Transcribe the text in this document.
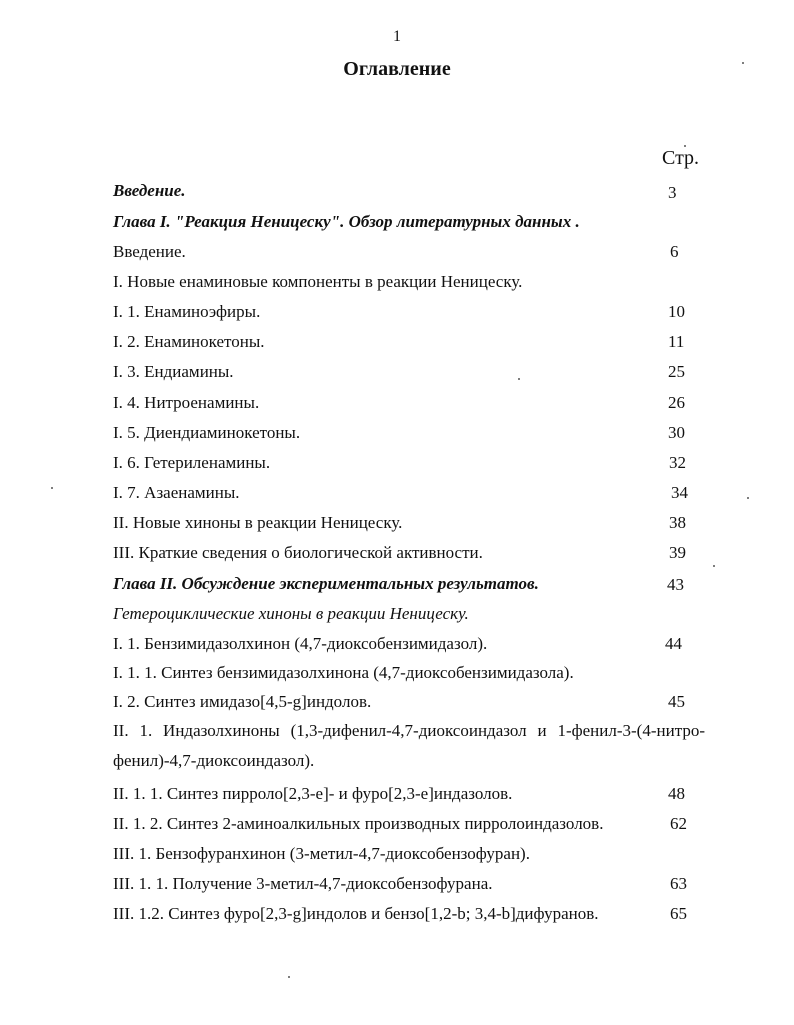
1
Оглавление
Стр.
Введение.	3
Глава I. "Реакция Неницеску". Обзор литературных данных .
Введение.	6
I. Новые енаминовые компоненты в реакции Неницеску.
I. 1. Енаминоэфиры.	10
I. 2. Енаминокетоны.	11
I. 3. Ендиамины.	25
I. 4. Нитроенамины.	26
I. 5. Диендиаминокетоны.	30
I. 6. Гетериленамины.	32
I. 7. Азаенамины.	34
II. Новые хиноны в реакции Неницеску.	38
III. Краткие сведения о биологической активности.	39
Глава II. Обсуждение экспериментальных результатов.	43
Гетероциклические хиноны в реакции Неницеску.
I. 1. Бензимидазолхинон (4,7-диоксобензимидазол).	44
I. 1. 1. Синтез бензимидазолхинона (4,7-диоксобензимидазола).
I. 2. Синтез имидазо[4,5-g]индолов.	45
II. 1. Индазолхиноны (1,3-дифенил-4,7-диоксоиндазол и 1-фенил-3-(4-нитро-фенил)-4,7-диоксоиндазол).
II. 1. 1. Синтез пирроло[2,3-е]- и фуро[2,3-е]индазолов.	48
II. 1. 2. Синтез 2-аминоалкильных производных пирролоиндазолов.	62
III. 1. Бензофуранхинон (3-метил-4,7-диоксобензофуран).
III. 1. 1. Получение 3-метил-4,7-диоксобензофурана.	63
III. 1.2. Синтез фуро[2,3-g]индолов и бензо[1,2-b; 3,4-b]дифуранов.	65
